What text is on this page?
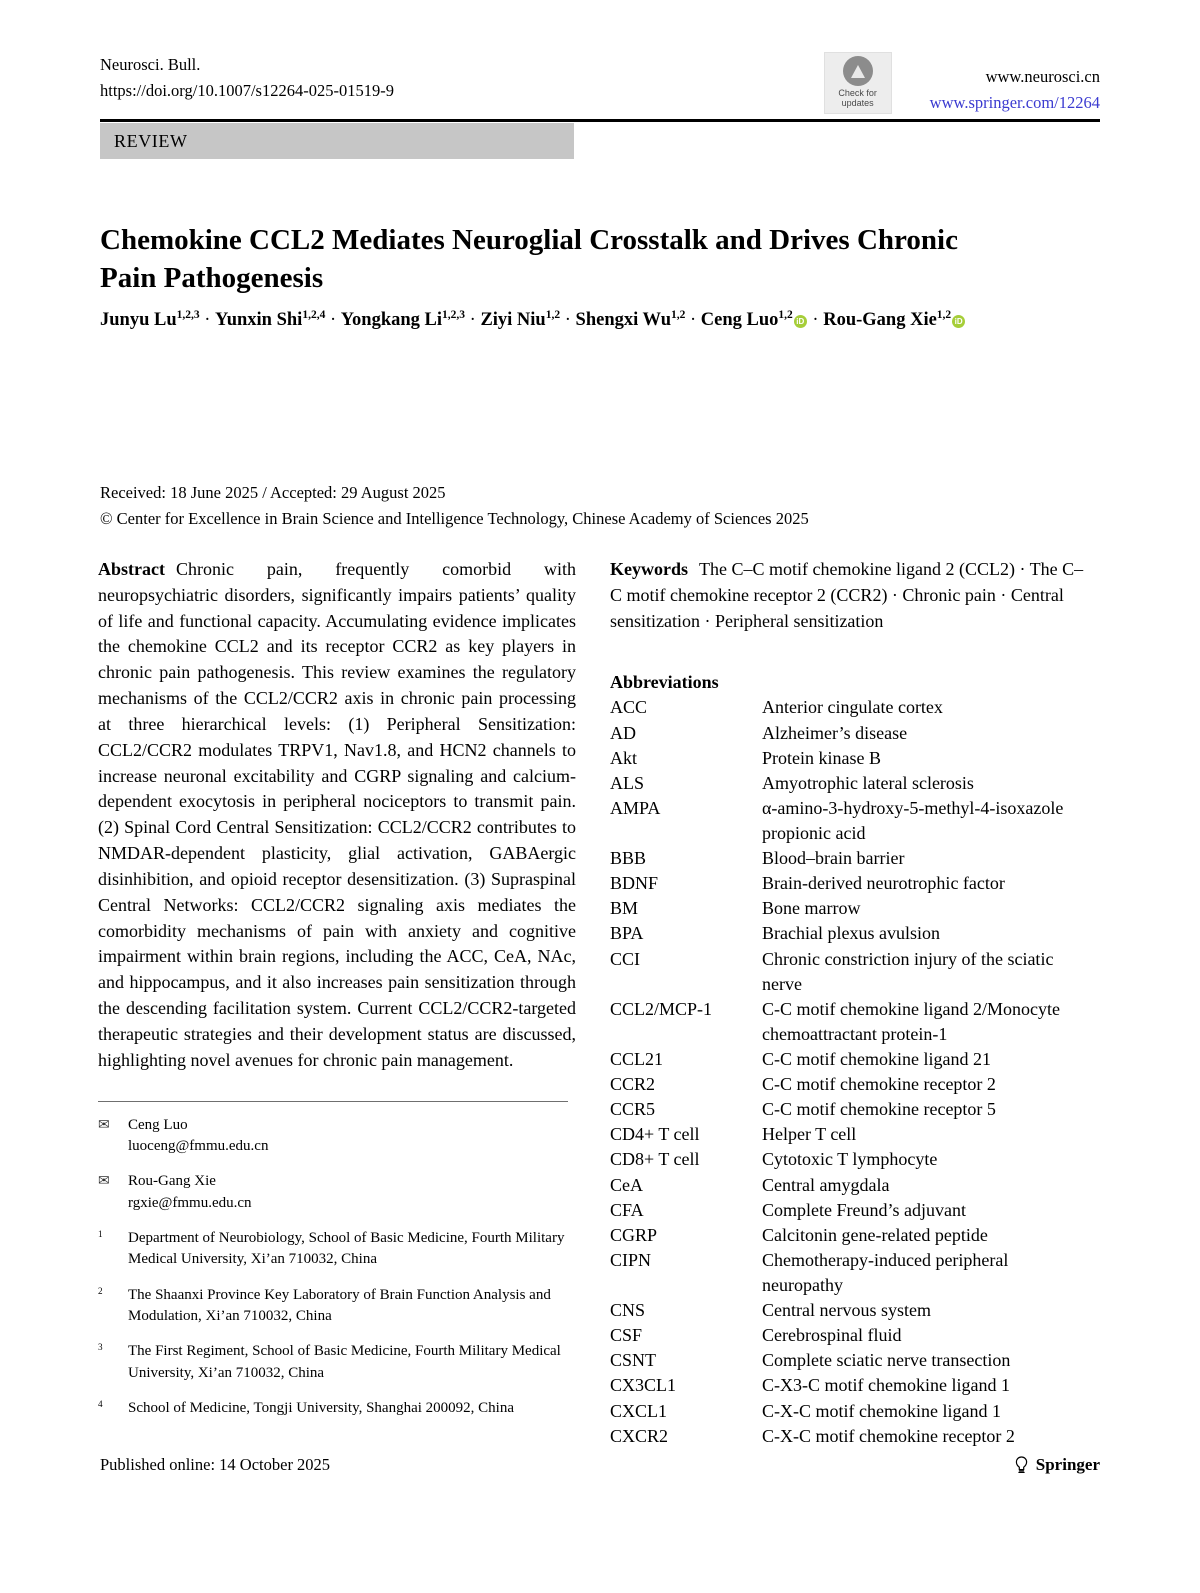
Neurosci. Bull.
https://doi.org/10.1007/s12264-025-01519-9	Check for
updates
www.neurosci.cn
www.springer.com/12264
REVIEW
Chemokine CCL2 Mediates Neuroglial Crosstalk and Drives Chronic Pain Pathogenesis
Junyu Lu$^{1,2,3}$ · Yunxin Shi$^{1,2,4}$ · Yongkang Li$^{1,2,3}$ · Ziyi Niu$^{1,2}$ · Shengxi Wu$^{1,2}$ · Ceng Luo$^{1,2}$iD · Rou-Gang Xie$^{1,2}$iD
Received: 18 June 2025 / Accepted: 29 August 2025
© Center for Excellence in Brain Science and Intelligence Technology, Chinese Academy of Sciences 2025
Abstract Chronic pain, frequently comorbid with neuropsychiatric disorders, significantly impairs patients’ quality of life and functional capacity. Accumulating evidence implicates the chemokine CCL2 and its receptor CCR2 as key players in chronic pain pathogenesis. This review examines the regulatory mechanisms of the CCL2/CCR2 axis in chronic pain processing at three hierarchical levels: (1) Peripheral Sensitization: CCL2/CCR2 modulates TRPV1, Nav1.8, and HCN2 channels to increase neuronal excitability and CGRP signaling and calcium-dependent exocytosis in peripheral nociceptors to transmit pain. (2) Spinal Cord Central Sensitization: CCL2/CCR2 contributes to NMDAR-dependent plasticity, glial activation, GABAergic disinhibition, and opioid receptor desensitization. (3) Supraspinal Central Networks: CCL2/CCR2 signaling axis mediates the comorbidity mechanisms of pain with anxiety and cognitive impairment within brain regions, including the ACC, CeA, NAc, and hippocampus, and it also increases pain sensitization through the descending facilitation system. Current CCL2/CCR2-targeted therapeutic strategies and their development status are discussed, highlighting novel avenues for chronic pain management.
✉	Ceng Luo
luoceng@fmmu.edu.cn
✉	Rou-Gang Xie
rgxie@fmmu.edu.cn
$^1$	Department of Neurobiology, School of Basic Medicine, Fourth Military Medical University, Xi’an 710032, China
$^2$	The Shaanxi Province Key Laboratory of Brain Function Analysis and Modulation, Xi’an 710032, China
$^3$	The First Regiment, School of Basic Medicine, Fourth Military Medical University, Xi’an 710032, China
$^4$	School of Medicine, Tongji University, Shanghai 200092, China
Keywords The C–C motif chemokine ligand 2 (CCL2) · The C–C motif chemokine receptor 2 (CCR2) · Chronic pain · Central sensitization · Peripheral sensitization
Abbreviations
ACC	Anterior cingulate cortex
AD	Alzheimer’s disease
Akt	Protein kinase B
ALS	Amyotrophic lateral sclerosis
AMPA	α-amino-3-hydroxy-5-methyl-4-isoxazole propionic acid
BBB	Blood–brain barrier
BDNF	Brain-derived neurotrophic factor
BM	Bone marrow
BPA	Brachial plexus avulsion
CCI	Chronic constriction injury of the sciatic nerve
CCL2/MCP-1	C-C motif chemokine ligand 2/Monocyte chemoattractant protein-1
CCL21	C-C motif chemokine ligand 21
CCR2	C-C motif chemokine receptor 2
CCR5	C-C motif chemokine receptor 5
CD4+ T cell	Helper T cell
CD8+ T cell	Cytotoxic T lymphocyte
CeA	Central amygdala
CFA	Complete Freund’s adjuvant
CGRP	Calcitonin gene-related peptide
CIPN	Chemotherapy-induced peripheral neuropathy
CNS	Central nervous system
CSF	Cerebrospinal fluid
CSNT	Complete sciatic nerve transection
CX3CL1	C-X3-C motif chemokine ligand 1
CXCL1	C-X-C motif chemokine ligand 1
CXCR2	C-X-C motif chemokine receptor 2
Published online: 14 October 2025	Springer
